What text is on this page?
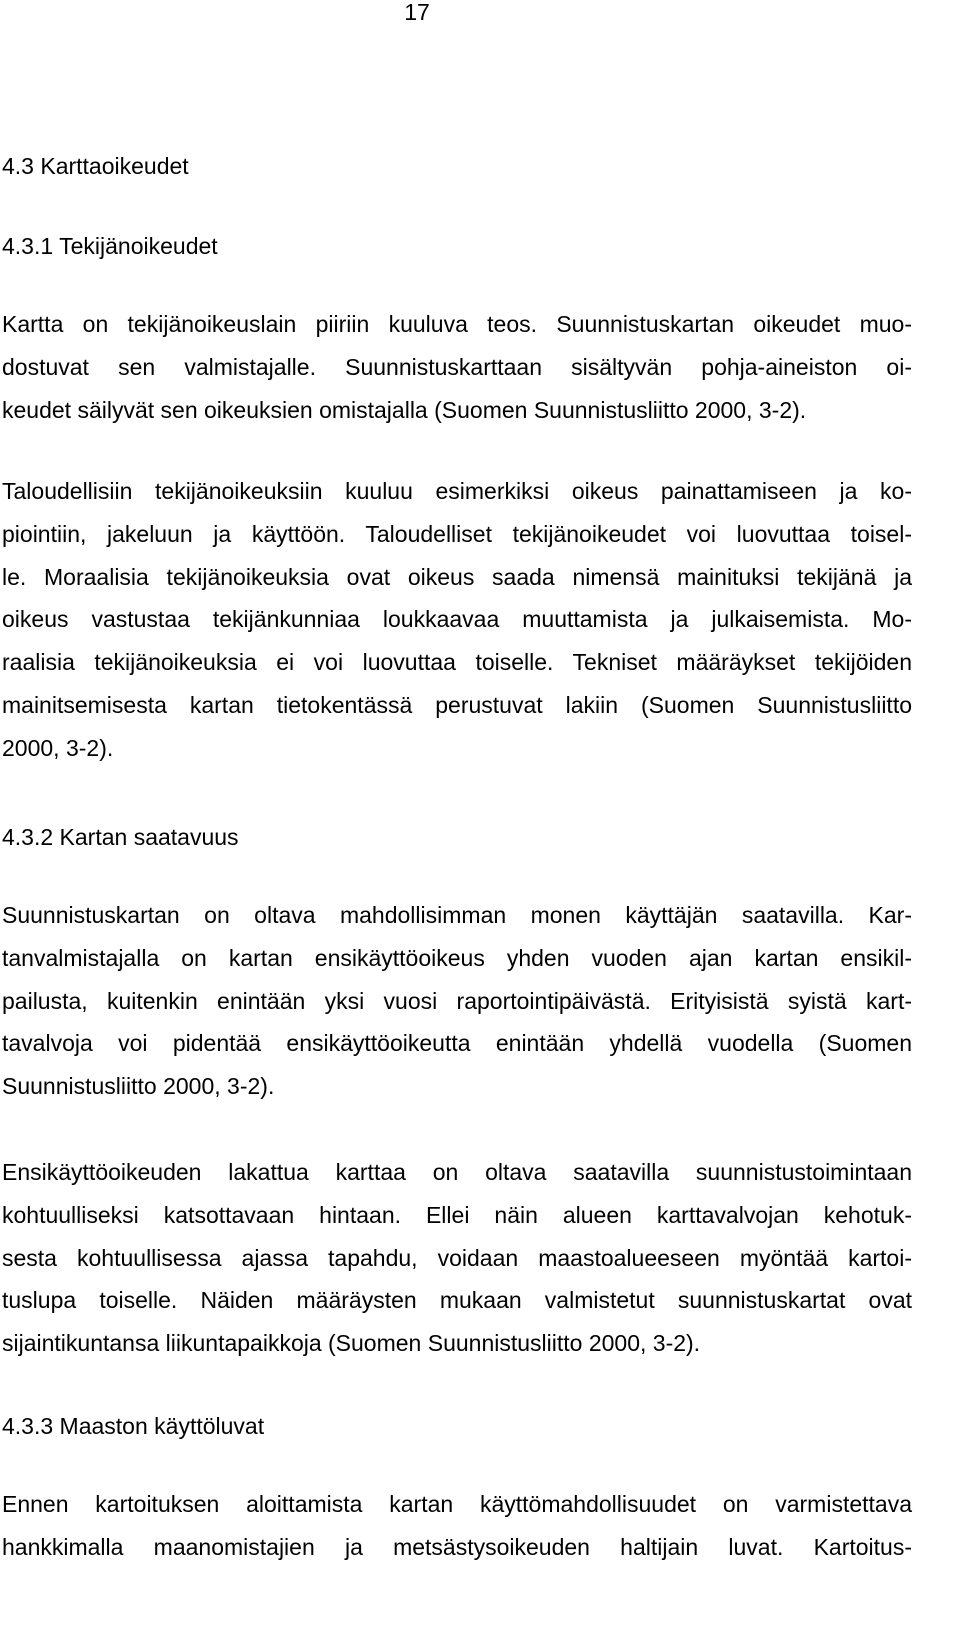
17
4.3 Karttaoikeudet
4.3.1 Tekijänoikeudet
Kartta on tekijänoikeuslain piiriin kuuluva teos. Suunnistuskartan oikeudet muo-
dostuvat sen valmistajalle. Suunnistuskarttaan sisältyvän pohja-aineiston oi-
keudet säilyvät sen oikeuksien omistajalla (Suomen Suunnistusliitto 2000, 3-2).
Taloudellisiin tekijänoikeuksiin kuuluu esimerkiksi oikeus painattamiseen ja ko-
piointiin, jakeluun ja käyttöön. Taloudelliset tekijänoikeudet voi luovuttaa toisel-
le. Moraalisia tekijänoikeuksia ovat oikeus saada nimensä mainituksi tekijänä ja
oikeus vastustaa tekijänkunniaa loukkaavaa muuttamista ja julkaisemista. Mo-
raalisia tekijänoikeuksia ei voi luovuttaa toiselle. Tekniset määräykset tekijöiden
mainitsemisesta kartan tietokentässä perustuvat lakiin (Suomen Suunnistusliitto
2000, 3-2).
4.3.2 Kartan saatavuus
Suunnistuskartan on oltava mahdollisimman monen käyttäjän saatavilla. Kar-
tanvalmistajalla on kartan ensikäyttöoikeus yhden vuoden ajan kartan ensikil-
pailusta, kuitenkin enintään yksi vuosi raportointipäivästä. Erityisistä syistä kart-
tavalvoja voi pidentää ensikäyttöoikeutta enintään yhdellä vuodella (Suomen
Suunnistusliitto 2000, 3-2).
Ensikäyttöoikeuden lakattua karttaa on oltava saatavilla suunnistustoimintaan
kohtuulliseksi katsottavaan hintaan. Ellei näin alueen karttavalvojan kehotuk-
sesta kohtuullisessa ajassa tapahdu, voidaan maastoalueeseen myöntää kartoi-
tuslupa toiselle. Näiden määräysten mukaan valmistetut suunnistuskartat ovat
sijaintikuntansa liikuntapaikkoja (Suomen Suunnistusliitto 2000, 3-2).
4.3.3 Maaston käyttöluvat
Ennen kartoituksen aloittamista kartan käyttömahdollisuudet on varmistettava
hankkimalla maanomistajien ja metsästysoikeuden haltijain luvat. Kartoitus-
